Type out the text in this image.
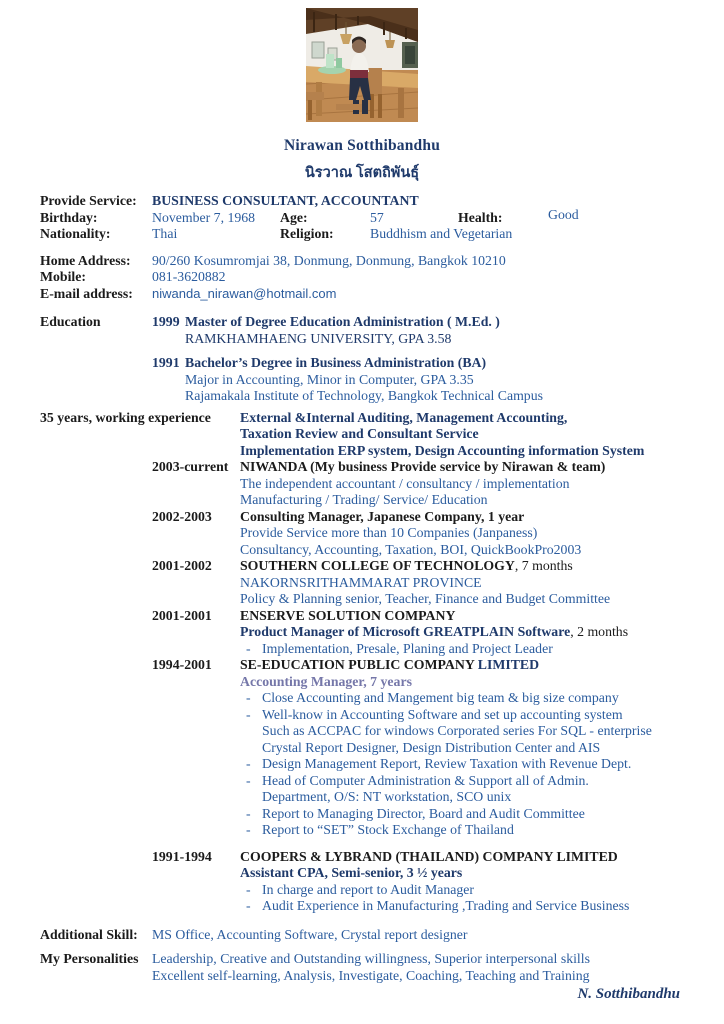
Nirawan Sotthibandhu
นิรวาณ โสตถิพันธุ์
Provide Service:	BUSINESS CONSULTANT, ACCOUNTANT
Birthday:	November 7, 1968	Age:	57	Health:	Good
Nationality:	Thai	Religion:	Buddhism and Vegetarian
Home Address:	90/260 Kosumromjai 38, Donmung, Donmung, Bangkok 10210
Mobile:	081-3620882
E-mail address:	niwanda_nirawan@hotmail.com
Education	1999 Master of Degree Education Administration ( M.Ed. )
RAMKHAMHAENG UNIVERSITY, GPA 3.58
1991 Bachelor’s Degree in Business Administration (BA)
Major in Accounting, Minor in Computer, GPA 3.35
Rajamakala Institute of Technology, Bangkok Technical Campus
35 years, working experience	External &Internal Auditing, Management Accounting,
Taxation Review and Consultant Service
Implementation ERP system, Design Accounting information System
2003-current NIWANDA (My business Provide service by Nirawan & team)
The independent accountant / consultancy / implementation
Manufacturing / Trading/ Service/ Education
2002-2003	Consulting Manager, Japanese Company, 1 year
Provide Service more than 10 Companies (Janpaness)
Consultancy, Accounting, Taxation, BOI, QuickBookPro2003
2001-2002	SOUTHERN COLLEGE OF TECHNOLOGY, 7 months
NAKORNSRITHAMMARAT PROVINCE
Policy & Planning senior, Teacher, Finance and Budget Committee
2001-2001	ENSERVE SOLUTION COMPANY
Product Manager of Microsoft GREATPLAIN Software, 2 months
- Implementation, Presale, Planing and Project Leader
1994-2001	SE-EDUCATION PUBLIC COMPANY LIMITED
Accounting Manager, 7 years
- Close Accounting and Mangement big team & big size company
- Well-know in Accounting Software and set up accounting system
Such as ACCPAC for windows Corporated series For SQL - enterprise
Crystal Report Designer, Design Distribution Center and AIS
- Design Management Report, Review Taxation with Revenue Dept.
- Head of Computer Administration & Support all of Admin.
Department, O/S: NT workstation, SCO unix
- Report to Managing Director, Board and Audit Committee
- Report to “SET” Stock Exchange of Thailand
1991-1994	COOPERS & LYBRAND (THAILAND) COMPANY LIMITED
Assistant CPA, Semi-senior, 3 ½ years
- In charge and report to Audit Manager
- Audit Experience in Manufacturing ,Trading and Service Business
Additional Skill:	MS Office, Accounting Software, Crystal report designer
My Personalities Leadership, Creative and Outstanding willingness, Superior interpersonal skills
Excellent self-learning, Analysis, Investigate, Coaching, Teaching and Training
N. Sotthibandhu
